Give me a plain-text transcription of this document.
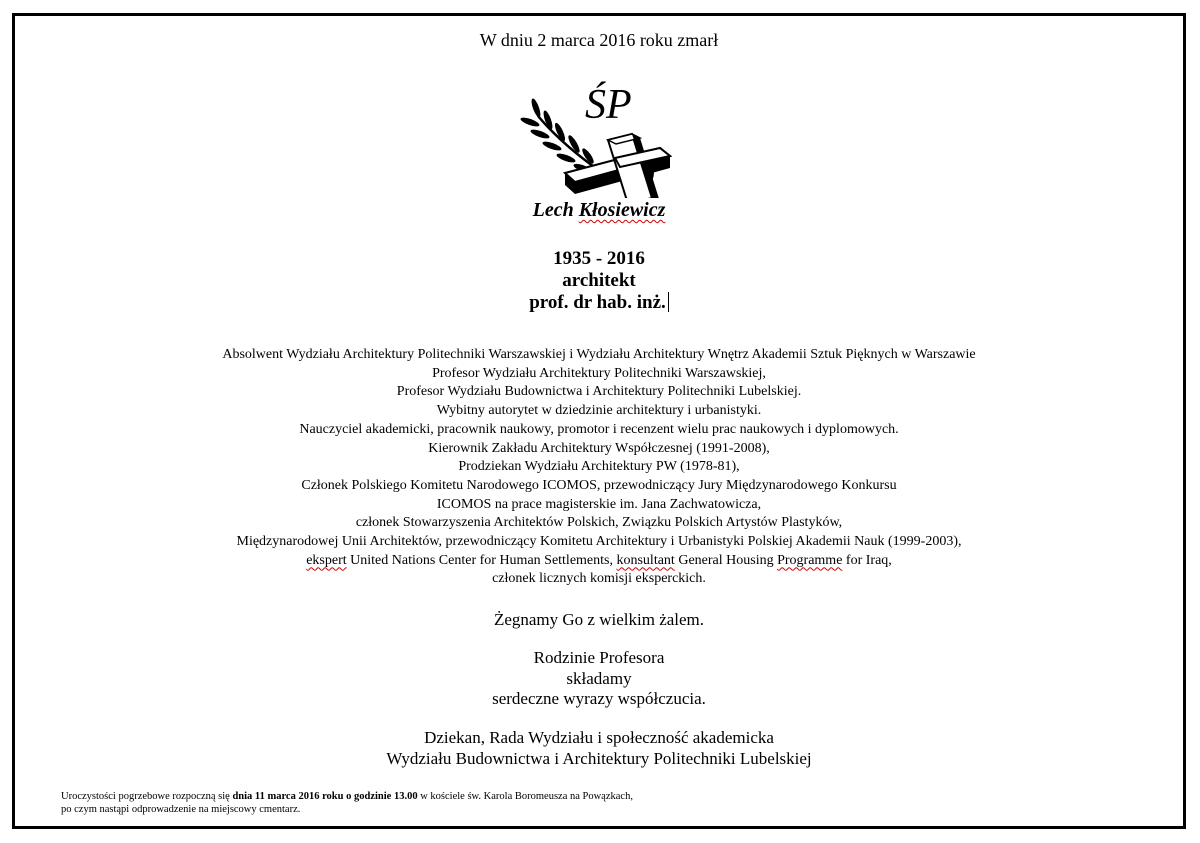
W dniu 2 marca 2016 roku zmarł
ŚP
Lech Kłosiewicz
1935 - 2016
architekt
prof. dr hab. inż.
Absolwent Wydziału Architektury Politechniki Warszawskiej i Wydziału Architektury Wnętrz Akademii Sztuk Pięknych w Warszawie
Profesor Wydziału Architektury Politechniki Warszawskiej,
Profesor Wydziału Budownictwa i Architektury Politechniki Lubelskiej.
Wybitny autorytet w dziedzinie architektury i urbanistyki.
Nauczyciel akademicki, pracownik naukowy, promotor i recenzent wielu prac naukowych i dyplomowych.
Kierownik Zakładu Architektury Współczesnej (1991-2008),
Prodziekan Wydziału Architektury PW (1978-81),
Członek Polskiego Komitetu Narodowego ICOMOS, przewodniczący Jury Międzynarodowego Konkursu
ICOMOS na prace magisterskie im. Jana Zachwatowicza,
członek Stowarzyszenia Architektów Polskich, Związku Polskich Artystów Plastyków,
Międzynarodowej Unii Architektów, przewodniczący Komitetu Architektury i Urbanistyki Polskiej Akademii Nauk (1999-2003),
ekspert United Nations Center for Human Settlements, konsultant General Housing Programme for Iraq,
członek licznych komisji eksperckich.
Żegnamy Go z wielkim żalem.
Rodzinie Profesora
składamy
serdeczne wyrazy współczucia.
Dziekan, Rada Wydziału i społeczność akademicka
Wydziału Budownictwa i Architektury Politechniki Lubelskiej
Uroczystości pogrzebowe rozpoczną się dnia 11 marca 2016 roku o godzinie 13.00 w kościele św. Karola Boromeusza na Powązkach,
po czym nastąpi odprowadzenie na miejscowy cmentarz.
